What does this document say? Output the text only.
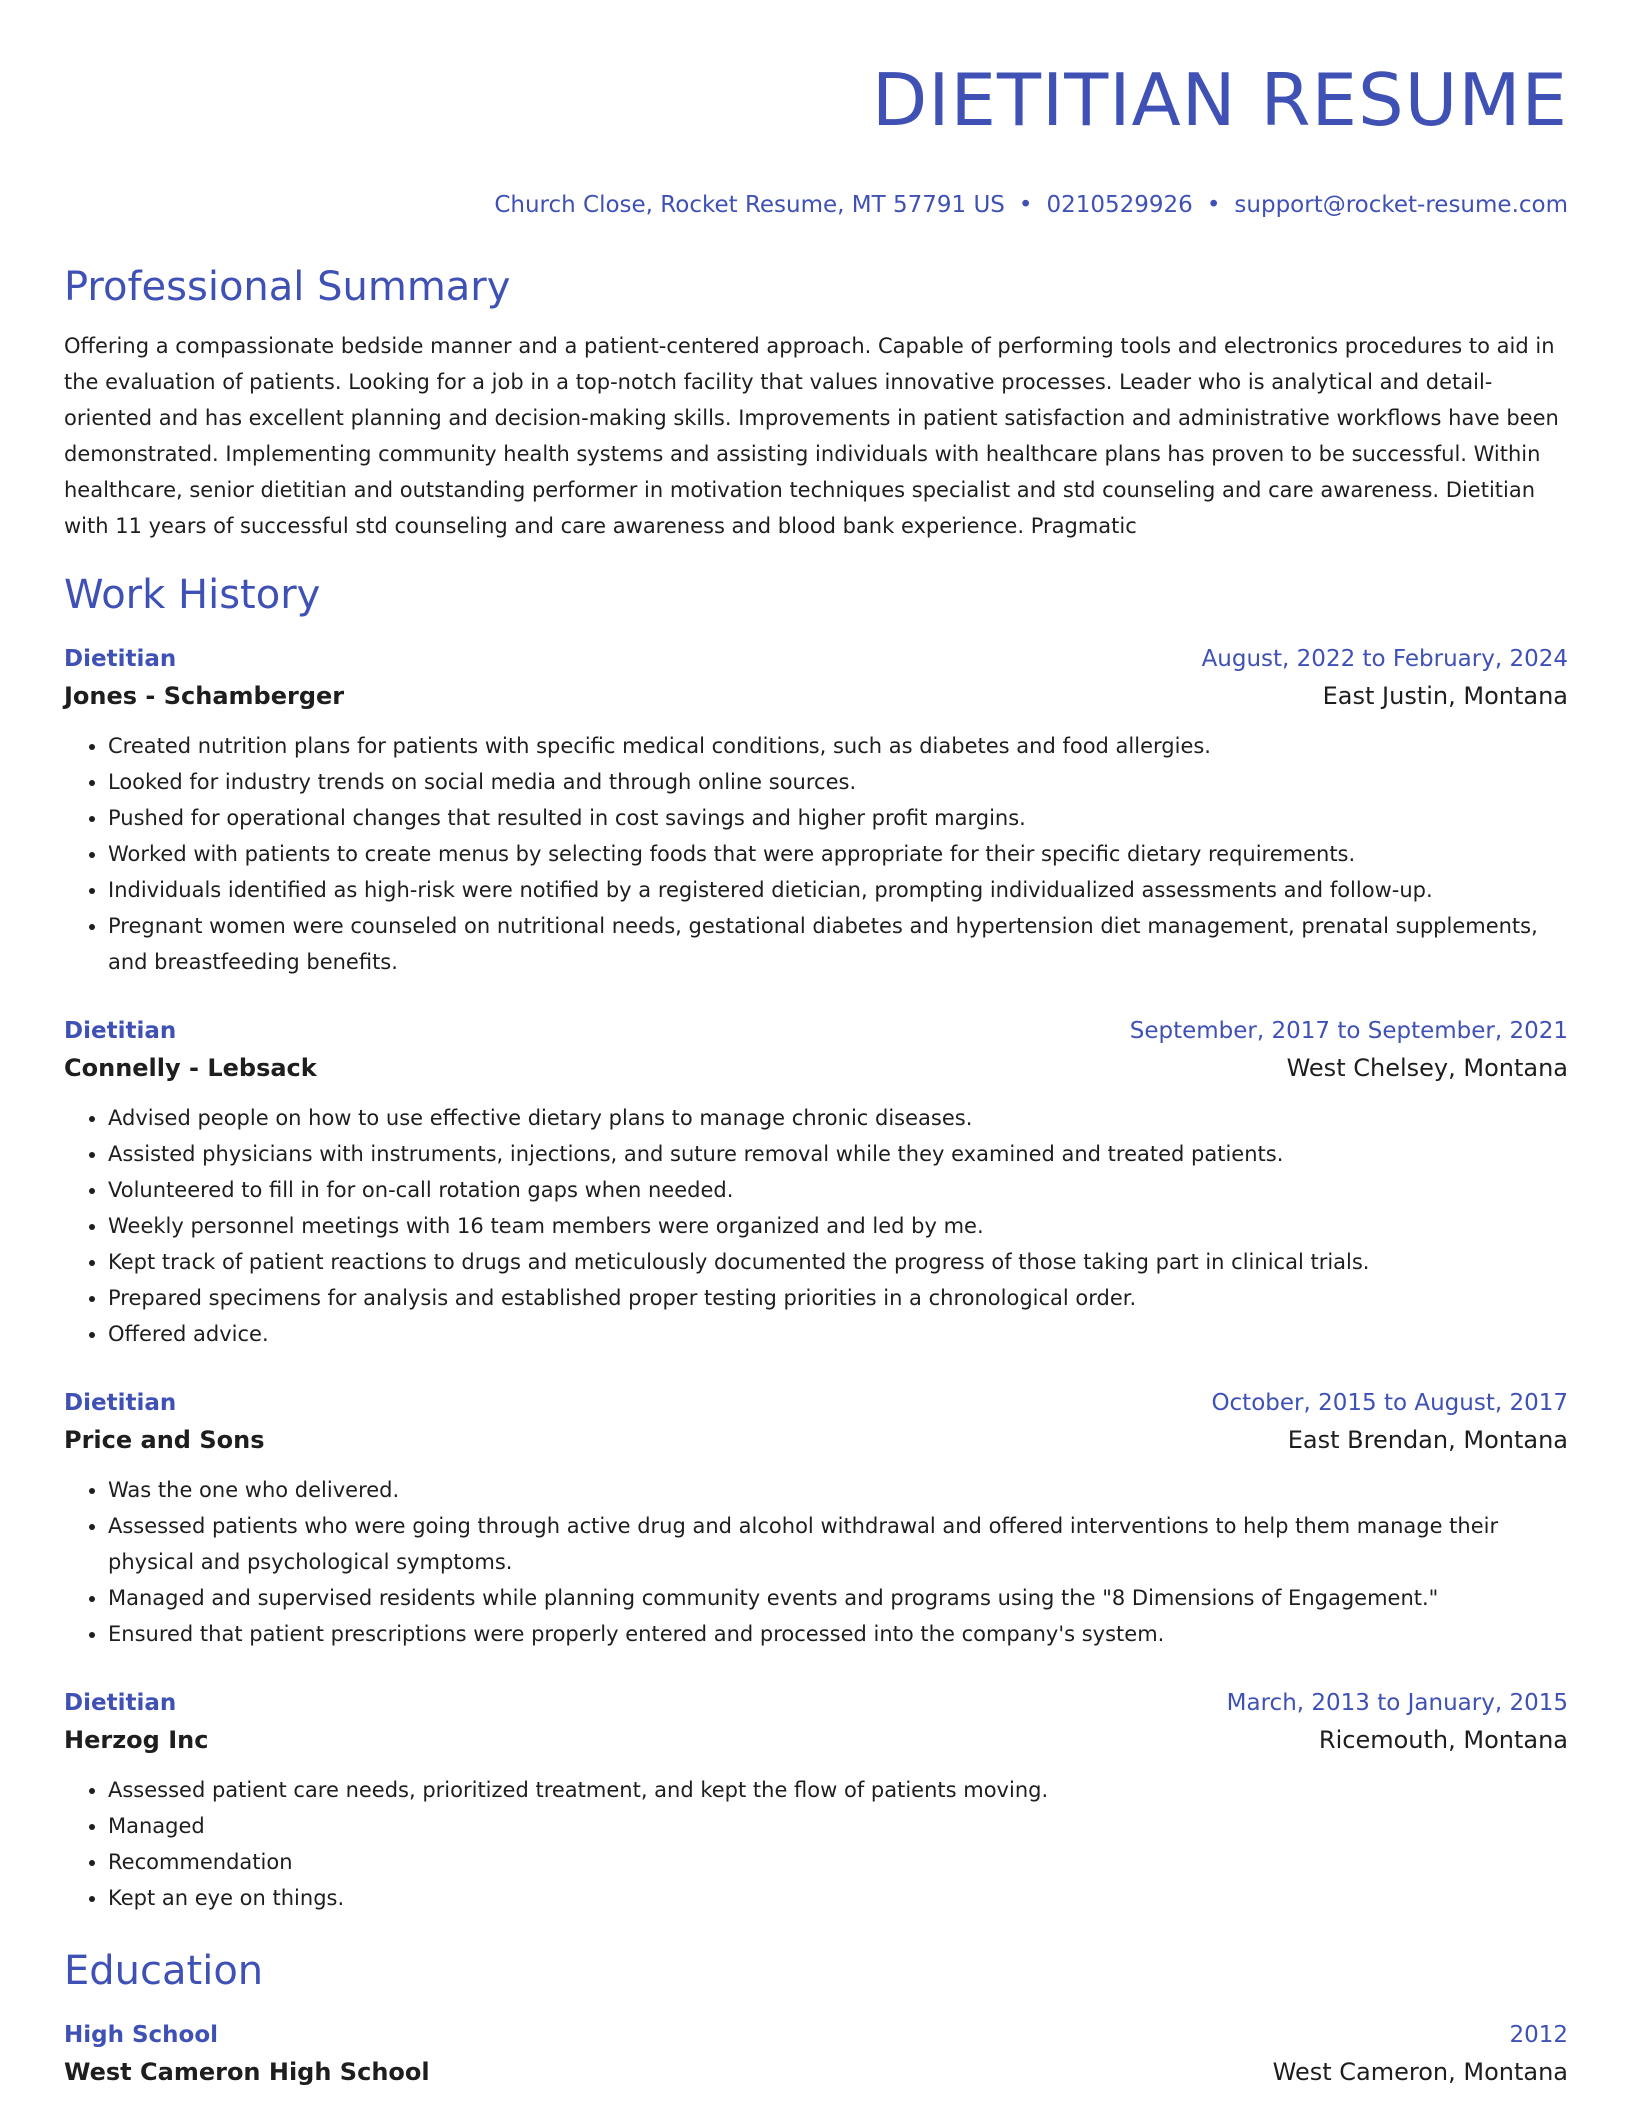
DIETITIAN RESUME
Church Close, Rocket Resume, MT 57791 US • 0210529926 • support@rocket-resume.com
Professional Summary

Offering a compassionate bedside manner and a patient-centered approach. Capable of performing tools and electronics procedures to aid in the evaluation of patients. Looking for a job in a top-notch facility that values innovative processes. Leader who is analytical and detail-oriented and has excellent planning and decision-making skills. Improvements in patient satisfaction and administrative workflows have been demonstrated. Implementing community health systems and assisting individuals with healthcare plans has proven to be successful. Within healthcare, senior dietitian and outstanding performer in motivation techniques specialist and std counseling and care awareness. Dietitian with 11 years of successful std counseling and care awareness and blood bank experience. Pragmatic

Work History
Dietitian	August, 2022 to February, 2024
Jones - Schamberger	East Justin, Montana
• Created nutrition plans for patients with specific medical conditions, such as diabetes and food allergies.
• Looked for industry trends on social media and through online sources.
• Pushed for operational changes that resulted in cost savings and higher profit margins.
• Worked with patients to create menus by selecting foods that were appropriate for their specific dietary requirements.
• Individuals identified as high-risk were notified by a registered dietician, prompting individualized assessments and follow-up.
• Pregnant women were counseled on nutritional needs, gestational diabetes and hypertension diet management, prenatal supplements, and breastfeeding benefits.
Dietitian	September, 2017 to September, 2021
Connelly - Lebsack	West Chelsey, Montana
• Advised people on how to use effective dietary plans to manage chronic diseases.
• Assisted physicians with instruments, injections, and suture removal while they examined and treated patients.
• Volunteered to fill in for on-call rotation gaps when needed.
• Weekly personnel meetings with 16 team members were organized and led by me.
• Kept track of patient reactions to drugs and meticulously documented the progress of those taking part in clinical trials.
• Prepared specimens for analysis and established proper testing priorities in a chronological order.
• Offered advice.
Dietitian	October, 2015 to August, 2017
Price and Sons	East Brendan, Montana
• Was the one who delivered.
• Assessed patients who were going through active drug and alcohol withdrawal and offered interventions to help them manage their physical and psychological symptoms.
• Managed and supervised residents while planning community events and programs using the "8 Dimensions of Engagement."
• Ensured that patient prescriptions were properly entered and processed into the company's system.
Dietitian	March, 2013 to January, 2015
Herzog Inc	Ricemouth, Montana
• Assessed patient care needs, prioritized treatment, and kept the flow of patients moving.
• Managed
• Recommendation
• Kept an eye on things.
Education
High School	2012
West Cameron High School	West Cameron, Montana
